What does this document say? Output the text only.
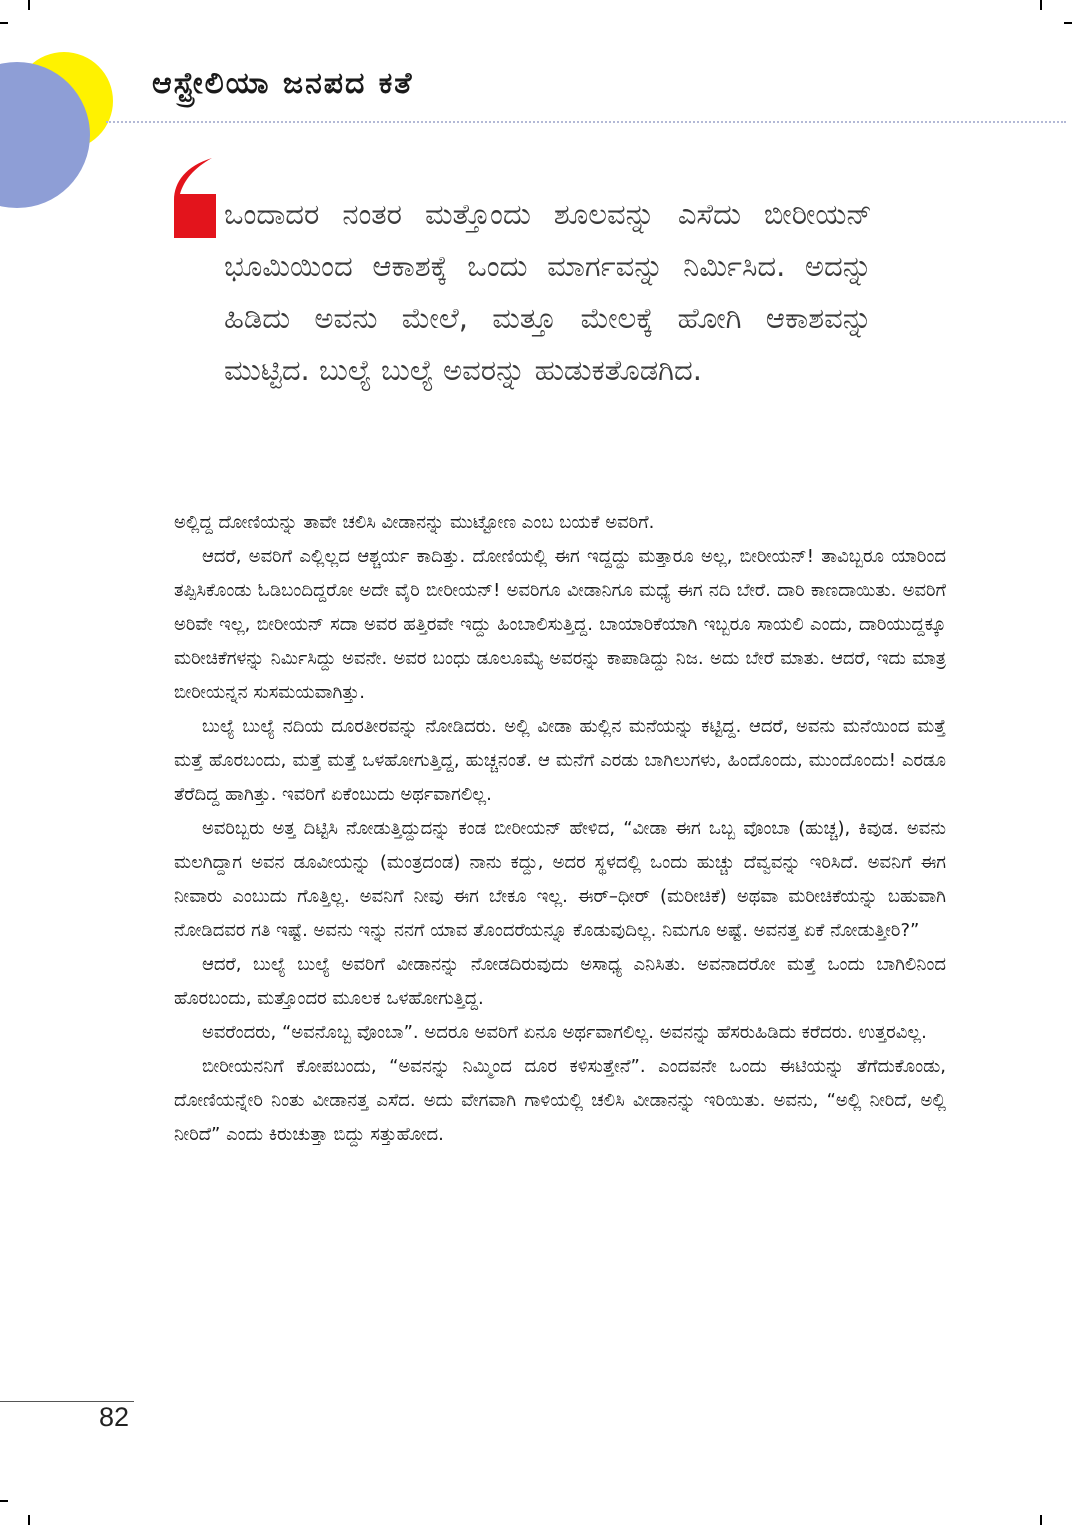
ಆಸ್ಟ್ರೇಲಿಯಾ ಜನಪದ ಕತೆ

ಒಂದಾದರ ನಂತರ ಮತ್ತೊಂದು ಶೂಲವನ್ನು ಎಸೆದು ಬೀರೀಯನ್ ಭೂಮಿಯಿಂದ ಆಕಾಶಕ್ಕೆ ಒಂದು ಮಾರ್ಗವನ್ನು ನಿರ್ಮಿಸಿದ. ಅದನ್ನು ಹಿಡಿದು ಅವನು ಮೇಲೆ, ಮತ್ತೂ ಮೇಲಕ್ಕೆ ಹೋಗಿ ಆಕಾಶವನ್ನು ಮುಟ್ಟಿದ. ಬುಲ್ಯೆ ಬುಲ್ಯೆ ಅವರನ್ನು ಹುಡುಕತೊಡಗಿದ.

ಅಲ್ಲಿದ್ದ ದೋಣಿಯನ್ನು ತಾವೇ ಚಲಿಸಿ ವೀಡಾನನ್ನು ಮುಟ್ಟೋಣ ಎಂಬ ಬಯಕೆ ಅವರಿಗೆ.

ಆದರೆ, ಅವರಿಗೆ ಎಲ್ಲಿಲ್ಲದ ಆಶ್ಚರ್ಯ ಕಾದಿತ್ತು. ದೋಣಿಯಲ್ಲಿ ಈಗ ಇದ್ದದ್ದು ಮತ್ತಾರೂ ಅಲ್ಲ, ಬೀರೀಯನ್! ತಾವಿಬ್ಬರೂ ಯಾರಿಂದ ತಪ್ಪಿಸಿಕೊಂಡು ಓಡಿಬಂದಿದ್ದರೋ ಅದೇ ವೈರಿ ಬೀರೀಯನ್! ಅವರಿಗೂ ವೀಡಾನಿಗೂ ಮಧ್ಯೆ ಈಗ ನದಿ ಬೇರೆ. ದಾರಿ ಕಾಣದಾಯಿತು. ಅವರಿಗೆ ಅರಿವೇ ಇಲ್ಲ, ಬೀರೀಯನ್ ಸದಾ ಅವರ ಹತ್ತಿರವೇ ಇದ್ದು ಹಿಂಬಾಲಿಸುತ್ತಿದ್ದ. ಬಾಯಾರಿಕೆಯಾಗಿ ಇಬ್ಬರೂ ಸಾಯಲಿ ಎಂದು, ದಾರಿಯುದ್ದಕ್ಕೂ ಮರೀಚಿಕೆಗಳನ್ನು ನಿರ್ಮಿಸಿದ್ದು ಅವನೇ. ಅವರ ಬಂಧು ಡೂಲೂಮ್ಯೆ ಅವರನ್ನು ಕಾಪಾಡಿದ್ದು ನಿಜ. ಅದು ಬೇರೆ ಮಾತು. ಆದರೆ, ಇದು ಮಾತ್ರ ಬೀರೀಯನ್ನನ ಸುಸಮಯವಾಗಿತ್ತು.

ಬುಲ್ಯೆ ಬುಲ್ಯೆ ನದಿಯ ದೂರತೀರವನ್ನು ನೋಡಿದರು. ಅಲ್ಲಿ ವೀಡಾ ಹುಲ್ಲಿನ ಮನೆಯನ್ನು ಕಟ್ಟಿದ್ದ. ಆದರೆ, ಅವನು ಮನೆಯಿಂದ ಮತ್ತೆ ಮತ್ತೆ ಹೊರಬಂದು, ಮತ್ತೆ ಮತ್ತೆ ಒಳಹೋಗುತ್ತಿದ್ದ, ಹುಚ್ಚನಂತೆ. ಆ ಮನೆಗೆ ಎರಡು ಬಾಗಿಲುಗಳು, ಹಿಂದೊಂದು, ಮುಂದೊಂದು! ಎರಡೂ ತೆರೆದಿದ್ದ ಹಾಗಿತ್ತು. ಇವರಿಗೆ ಏಕೆಂಬುದು ಅರ್ಥವಾಗಲಿಲ್ಲ.

ಅವರಿಬ್ಬರು ಅತ್ತ ದಿಟ್ಟಿಸಿ ನೋಡುತ್ತಿದ್ದುದನ್ನು ಕಂಡ ಬೀರೀಯನ್ ಹೇಳಿದ, “ವೀಡಾ ಈಗ ಒಬ್ಬ ವೊಂಬಾ (ಹುಚ್ಚ), ಕಿವುಡ. ಅವನು ಮಲಗಿದ್ದಾಗ ಅವನ ಡೂವೀಯನ್ನು (ಮಂತ್ರದಂಡ) ನಾನು ಕದ್ದು, ಅದರ ಸ್ಥಳದಲ್ಲಿ ಒಂದು ಹುಚ್ಚು ದೆವ್ವವನ್ನು ಇರಿಸಿದೆ. ಅವನಿಗೆ ಈಗ ನೀವಾರು ಎಂಬುದು ಗೊತ್ತಿಲ್ಲ. ಅವನಿಗೆ ನೀವು ಈಗ ಬೇಕೂ ಇಲ್ಲ. ಈರ್–ಧೀರ್ (ಮರೀಚಿಕೆ) ಅಥವಾ ಮರೀಚಿಕೆಯನ್ನು ಬಹುವಾಗಿ ನೋಡಿದವರ ಗತಿ ಇಷ್ಟೆ. ಅವನು ಇನ್ನು ನನಗೆ ಯಾವ ತೊಂದರೆಯನ್ನೂ ಕೊಡುವುದಿಲ್ಲ. ನಿಮಗೂ ಅಷ್ಟೆ. ಅವನತ್ತ ಏಕೆ ನೋಡುತ್ತೀರಿ?”

ಆದರೆ, ಬುಲ್ಯೆ ಬುಲ್ಯೆ ಅವರಿಗೆ ವೀಡಾನನ್ನು ನೋಡದಿರುವುದು ಅಸಾಧ್ಯ ಎನಿಸಿತು. ಅವನಾದರೋ ಮತ್ತೆ ಒಂದು ಬಾಗಿಲಿನಿಂದ ಹೊರಬಂದು, ಮತ್ತೊಂದರ ಮೂಲಕ ಒಳಹೋಗುತ್ತಿದ್ದ.

ಅವರೆಂದರು, “ಅವನೊಬ್ಬ ವೊಂಬಾ”. ಅದರೂ ಅವರಿಗೆ ಏನೂ ಅರ್ಥವಾಗಲಿಲ್ಲ. ಅವನನ್ನು ಹೆಸರುಹಿಡಿದು ಕರೆದರು. ಉತ್ತರವಿಲ್ಲ.

ಬೀರೀಯನನಿಗೆ ಕೋಪಬಂದು, “ಅವನನ್ನು ನಿಮ್ಮಿಂದ ದೂರ ಕಳಿಸುತ್ತೇನೆ”. ಎಂದವನೇ ಒಂದು ಈಟಿಯನ್ನು ತೆಗೆದುಕೊಂಡು, ದೋಣಿಯನ್ನೇರಿ ನಿಂತು ವೀಡಾನತ್ತ ಎಸೆದ. ಅದು ವೇಗವಾಗಿ ಗಾಳಿಯಲ್ಲಿ ಚಲಿಸಿ ವೀಡಾನನ್ನು ಇರಿಯಿತು. ಅವನು, “ಅಲ್ಲಿ ನೀರಿದೆ, ಅಲ್ಲಿ ನೀರಿದೆ” ಎಂದು ಕಿರುಚುತ್ತಾ ಬಿದ್ದು ಸತ್ತುಹೋದ.

82
